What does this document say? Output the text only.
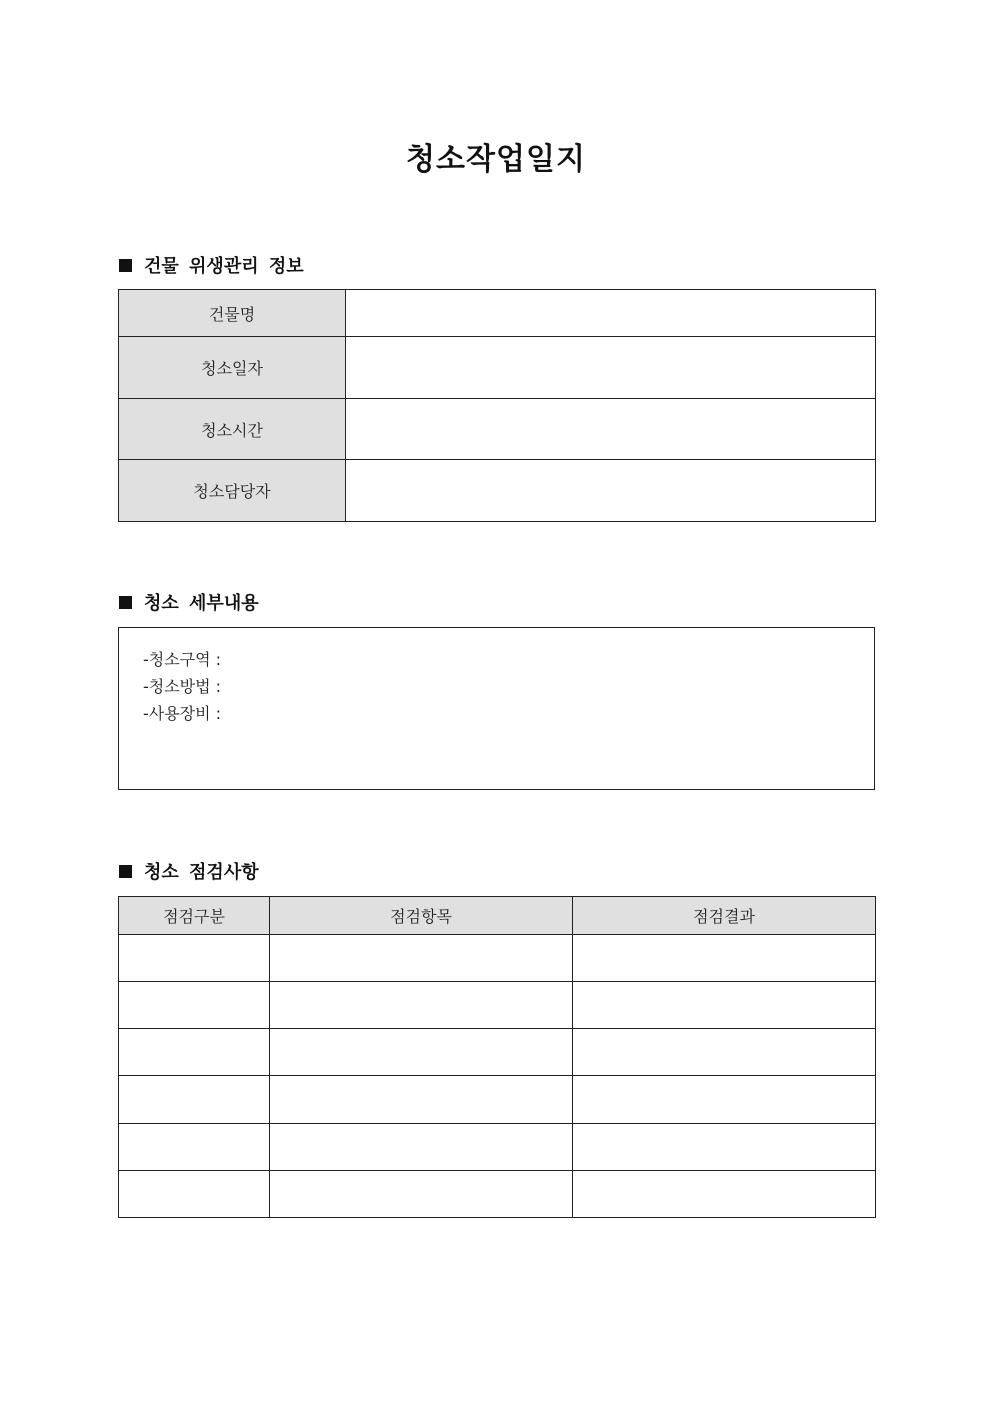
청소작업일지
건물 위생관리 정보
건물명	
청소일자	
청소시간	
청소담당자	
청소 세부내용
-청소구역 :
-청소방법 :
-사용장비 :
청소 점검사항
점검구분	점검항목	점검결과
